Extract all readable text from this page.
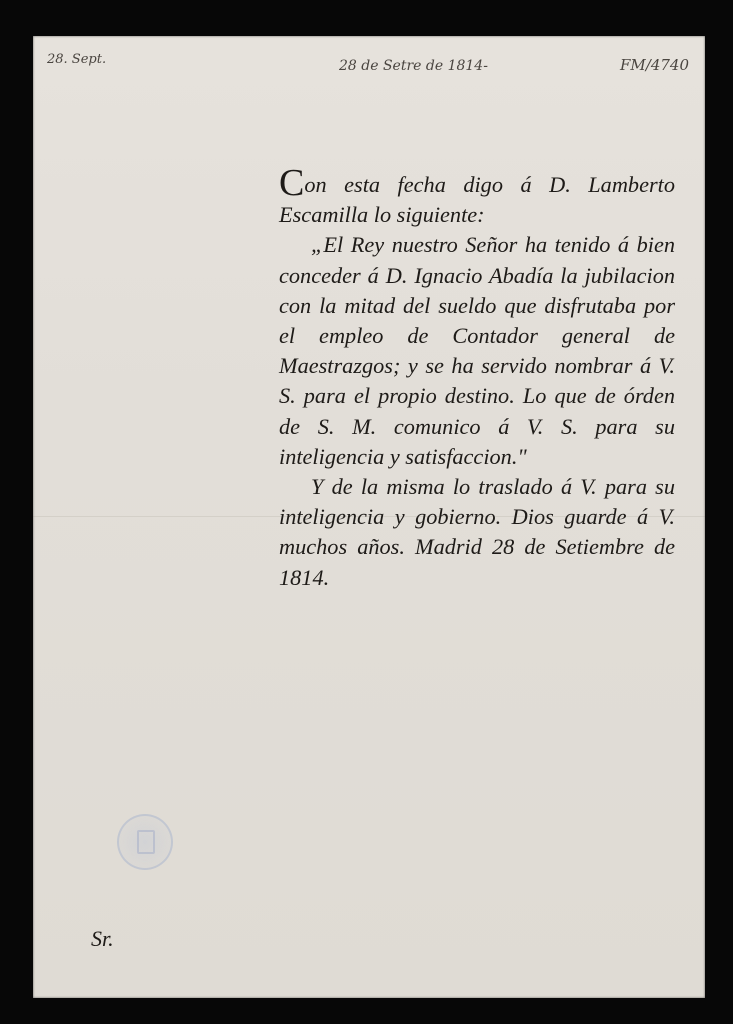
28. Sept.	28 de Setre de 1814-	FM/4740

Con esta fecha digo á D. Lamberto Escamilla lo siguiente:

„El Rey nuestro Señor ha tenido á bien conceder á D. Ignacio Abadía la jubilacion con la mitad del sueldo que disfrutaba por el empleo de Contador general de Maestrazgos; y se ha servido nombrar á V. S. para el propio destino. Lo que de órden de S. M. comunico á V. S. para su inteligencia y satisfaccion."

Y de la misma lo traslado á V. para su inteligencia y gobierno. Dios guarde á V. muchos años. Madrid 28 de Setiembre de 1814.

Sr.
